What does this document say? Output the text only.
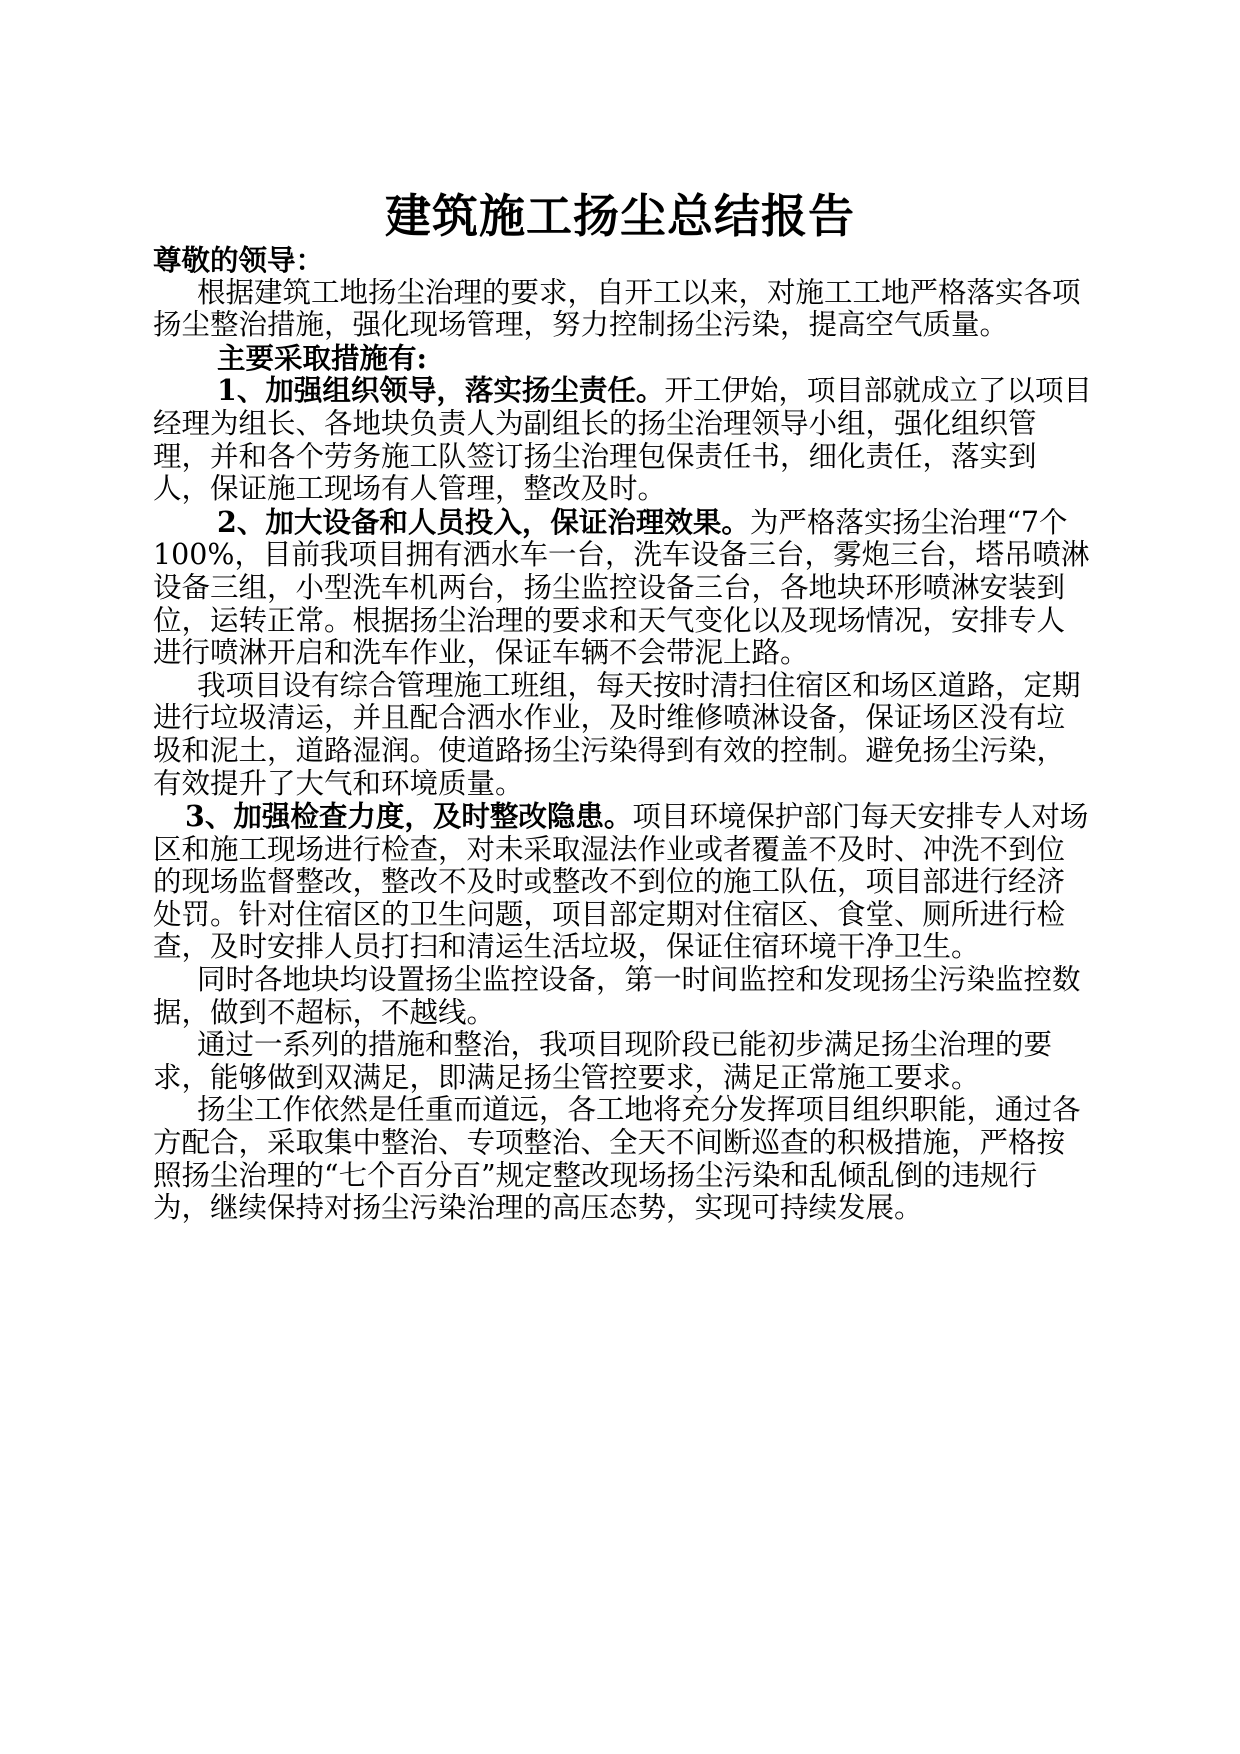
建筑施工扬尘总结报告

尊敬的领导：

根据建筑工地扬尘治理的要求，自开工以来，对施工工地严格落实各项扬尘整治措施，强化现场管理，努力控制扬尘污染，提高空气质量。

主要采取措施有:

1、加强组织领导，落实扬尘责任。开工伊始，项目部就成立了以项目经理为组长、各地块负责人为副组长的扬尘治理领导小组，强化组织管理，并和各个劳务施工队签订扬尘治理包保责任书，细化责任，落实到人，保证施工现场有人管理，整改及时。

2、加大设备和人员投入，保证治理效果。为严格落实扬尘治理“7个100%，目前我项目拥有洒水车一台，洗车设备三台，雾炮三台，塔吊喷淋设备三组，小型洗车机两台，扬尘监控设备三台，各地块环形喷淋安装到位，运转正常。根据扬尘治理的要求和天气变化以及现场情况，安排专人进行喷淋开启和洗车作业，保证车辆不会带泥上路。

我项目设有综合管理施工班组，每天按时清扫住宿区和场区道路，定期进行垃圾清运，并且配合洒水作业，及时维修喷淋设备，保证场区没有垃圾和泥土，道路湿润。使道路扬尘污染得到有效的控制。避免扬尘污染，有效提升了大气和环境质量。

3、加强检查力度，及时整改隐患。项目环境保护部门每天安排专人对场区和施工现场进行检查，对未采取湿法作业或者覆盖不及时、冲洗不到位的现场监督整改，整改不及时或整改不到位的施工队伍，项目部进行经济处罚。针对住宿区的卫生问题，项目部定期对住宿区、食堂、厕所进行检查，及时安排人员打扫和清运生活垃圾，保证住宿环境干净卫生。

同时各地块均设置扬尘监控设备，第一时间监控和发现扬尘污染监控数据，做到不超标，不越线。

通过一系列的措施和整治，我项目现阶段已能初步满足扬尘治理的要求，能够做到双满足，即满足扬尘管控要求，满足正常施工要求。

扬尘工作依然是任重而道远，各工地将充分发挥项目组织职能，通过各方配合，采取集中整治、专项整治、全天不间断巡查的积极措施，严格按照扬尘治理的“七个百分百”规定整改现场扬尘污染和乱倾乱倒的违规行为，继续保持对扬尘污染治理的高压态势，实现可持续发展。
